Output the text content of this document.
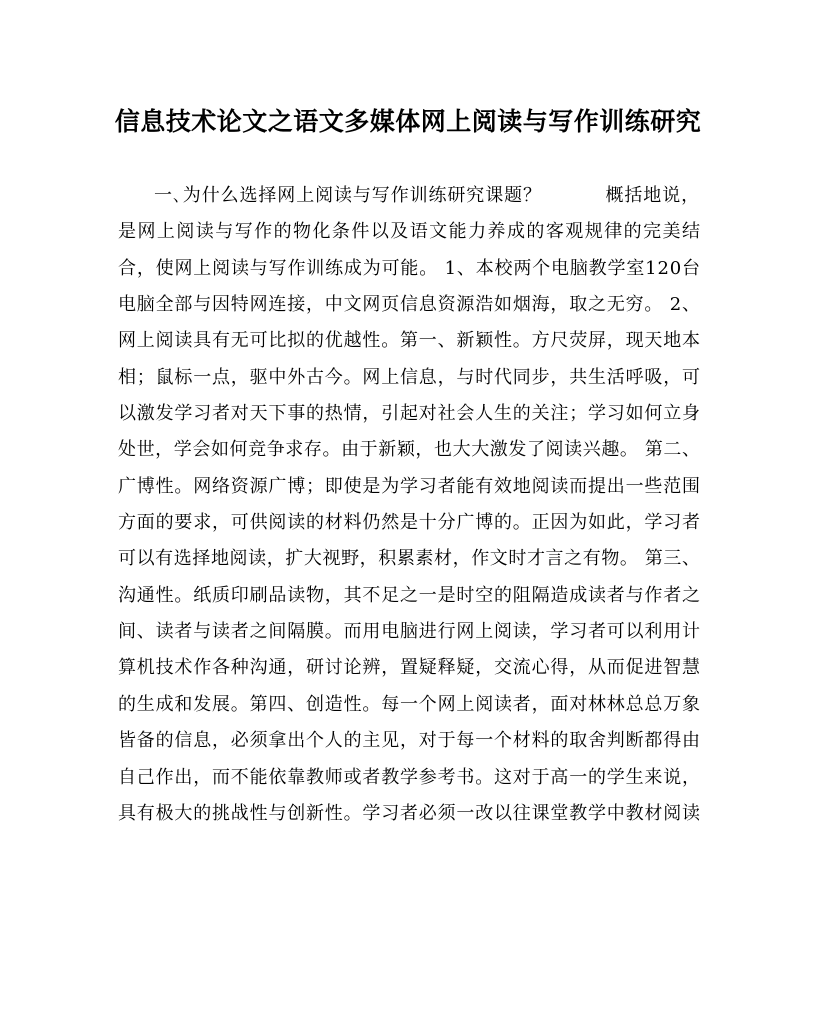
信息技术论文之语文多媒体网上阅读与写作训练研究
一､为什么选择网上阅读与写作训练研究课题？	概括地说，
是网上阅读与写作的物化条件以及语文能力养成的客观规律的完美结
合，使网上阅读与写作训练成为可能。 1、本校两个电脑教学室120台
电脑全部与因特网连接，中文网页信息资源浩如烟海，取之无穷。 2、
网上阅读具有无可比拟的优越性。第一、新颖性。方尺荧屏，现天地本
相；鼠标一点，驱中外古今。网上信息，与时代同步，共生活呼吸，可
以激发学习者对天下事的热情，引起对社会人生的关注；学习如何立身
处世，学会如何竞争求存。由于新颖，也大大激发了阅读兴趣。 第二、
广博性。网络资源广博；即使是为学习者能有效地阅读而提出一些范围
方面的要求，可供阅读的材料仍然是十分广博的。正因为如此，学习者
可以有选择地阅读，扩大视野，积累素材，作文时才言之有物。 第三、
沟通性。纸质印刷品读物，其不足之一是时空的阻隔造成读者与作者之
间、读者与读者之间隔膜。而用电脑进行网上阅读，学习者可以利用计
算机技术作各种沟通，研讨论辨，置疑释疑，交流心得，从而促进智慧
的生成和发展。第四、创造性。每一个网上阅读者，面对林林总总万象
皆备的信息，必须拿出个人的主见，对于每一个材料的取舍判断都得由
自己作出，而不能依靠教师或者教学参考书。这对于高一的学生来说，
具有极大的挑战性与创新性。学习者必须一改以往课堂教学中教材阅读
